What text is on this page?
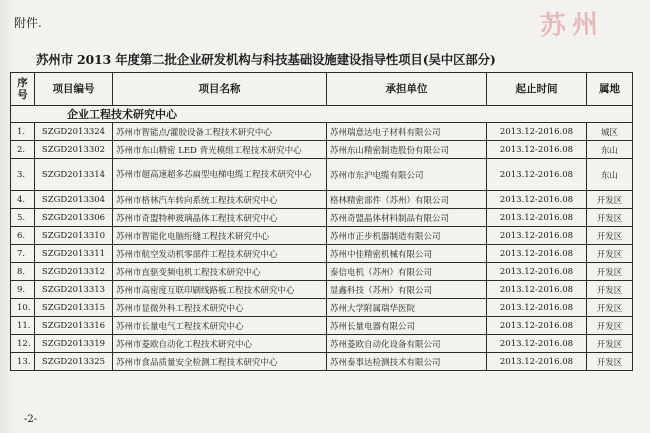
苏州
附件.
苏州市 2013 年度第二批企业研发机构与科技基础设施建设指导性项目(吴中区部分)
序
号	项目编号	项目名称	承担单位	起止时间	属地
企业工程技术研究中心					
1.	SZGD2013324	苏州市智能点/灌胶设备工程技术研究中心	苏州瑞意达电子材料有限公司	2013.12-2016.08	城区
2.	SZGD2013302	苏州市东山精密 LED 背光模组工程技术研究中心	苏州东山精密制造股份有限公司	2013.12-2016.08	东山
3.	SZGD2013314	苏州市超高速超多芯扁型电梯电缆工程技术研究中心	苏州市东沪电缆有限公司	2013.12-2016.08	东山
4.	SZGD2013304	苏州市格林汽车转向系统工程技术研究中心	格林精密部件（苏州）有限公司	2013.12-2016.08	开发区
5.	SZGD2013306	苏州市奇盟特种玻璃晶体工程技术研究中心	苏州奇盟晶体材料制品有限公司	2013.12-2016.08	开发区
6.	SZGD2013310	苏州市智能化电脑绗缝工程技术研究中心	苏州市正步机器制造有限公司	2013.12-2016.08	开发区
7.	SZGD2013311	苏州市航空发动机零部件工程技术研究中心	苏州中佳精密机械有限公司	2013.12-2016.08	开发区
8.	SZGD2013312	苏州市直驱变频电机工程技术研究中心	泰信电机（苏州）有限公司	2013.12-2016.08	开发区
9.	SZGD2013313	苏州市高密度互联印刷线路板工程技术研究中心	显鑫科技（苏州）有限公司	2013.12-2016.08	开发区
10.	SZGD2013315	苏州市显微外科工程技术研究中心	苏州大学附属瑞华医院	2013.12-2016.08	开发区
11.	SZGD2013316	苏州市长量电气工程技术研究中心	苏州长量电器有限公司	2013.12-2016.08	开发区
12.	SZGD2013319	苏州市菱欧自动化工程技术研究中心	苏州菱欧自动化设备有限公司	2013.12-2016.08	开发区
13.	SZGD2013325	苏州市食品质量安全检测工程技术研究中心	苏州泰事达检测技术有限公司	2013.12-2016.08	开发区
-2-
